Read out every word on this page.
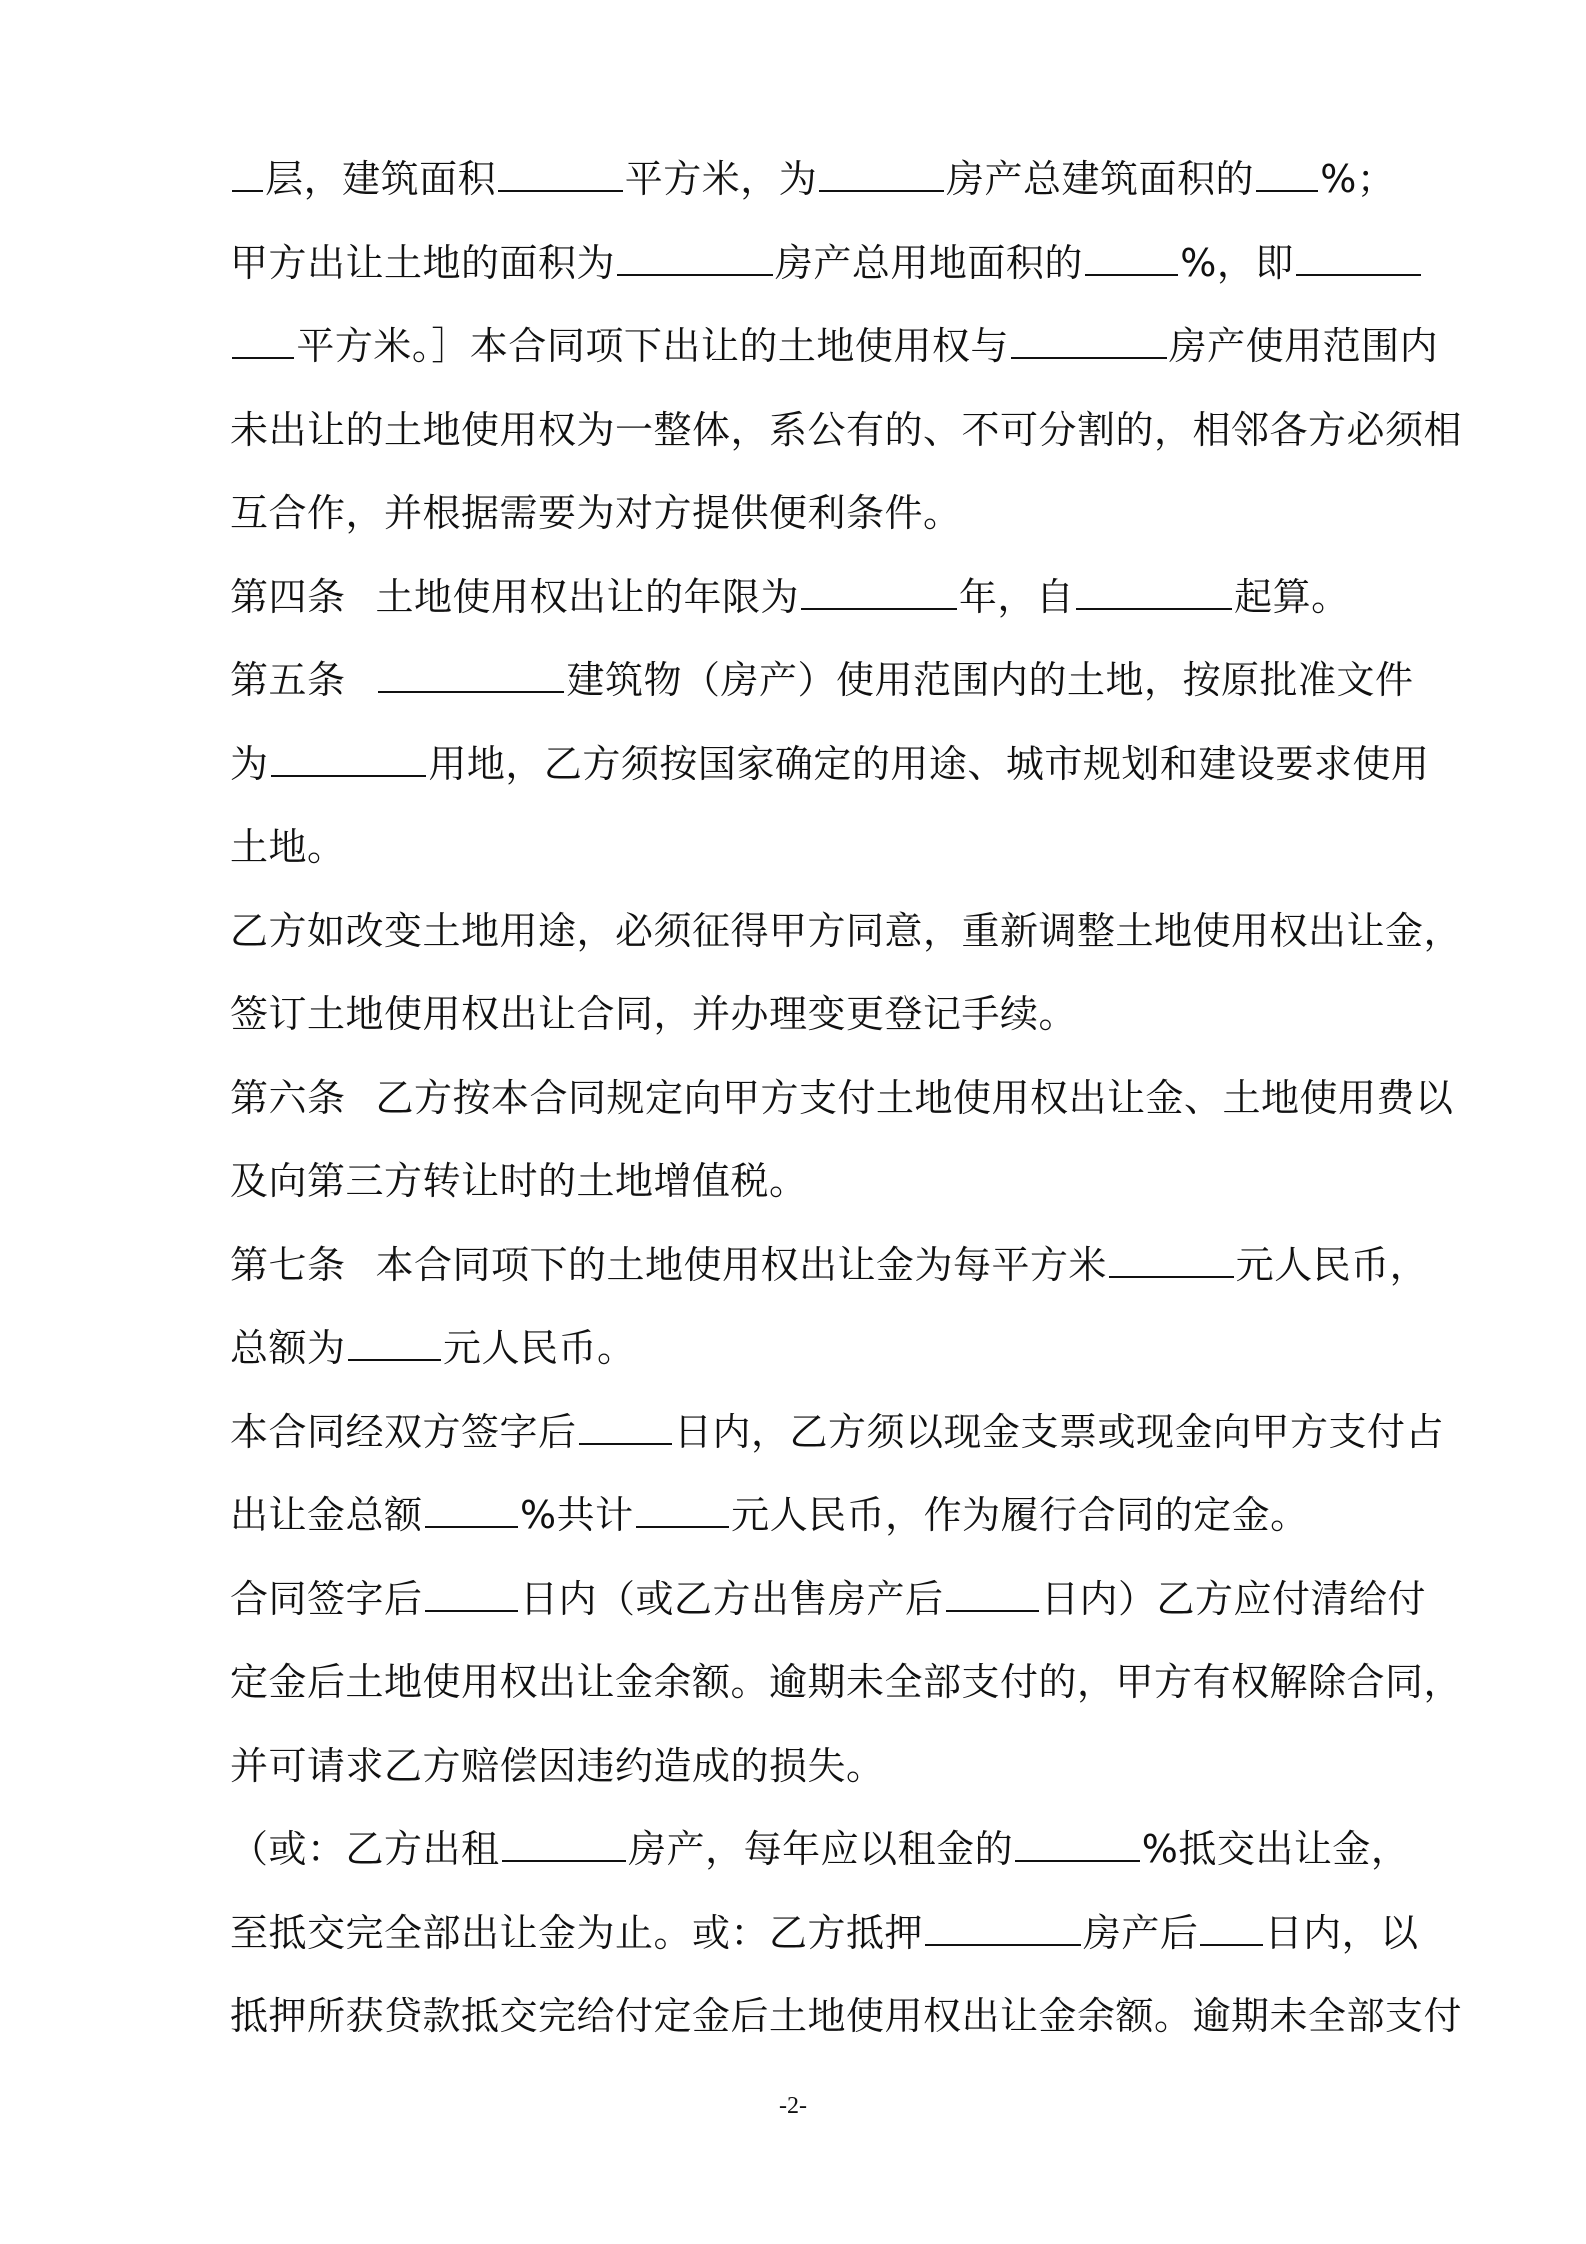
层，建筑面积	平方米，为	房产总建筑面积的 %；
甲方出让土地的面积为	房产总用地面积的	%，即
平方米。］本合同项下出让的土地使用权与	房产使用范围内
未出让的土地使用权为一整体，系公有的、不可分割的，相邻各方必须相
互合作，并根据需要为对方提供便利条件。
第四条 土地使用权出让的年限为	年，自	起算。
第五条	建筑物（房产）使用范围内的土地，按原批准文件
为	用地，乙方须按国家确定的用途、城市规划和建设要求使用
土地。
乙方如改变土地用途，必须征得甲方同意，重新调整土地使用权出让金，
签订土地使用权出让合同，并办理变更登记手续。
第六条 乙方按本合同规定向甲方支付土地使用权出让金、土地使用费以
及向第三方转让时的土地增值税。
第七条 本合同项下的土地使用权出让金为每平方米	元人民币，
总额为	元人民币。
本合同经双方签字后	日内，乙方须以现金支票或现金向甲方支付占
出让金总额	%共计	元人民币，作为履行合同的定金。
合同签字后	日内（或乙方出售房产后	日内）乙方应付清给付
定金后土地使用权出让金余额。逾期未全部支付的，甲方有权解除合同，
并可请求乙方赔偿因违约造成的损失。
（或：乙方出租	房产，每年应以租金的	%抵交出让金，
至抵交完全部出让金为止。或：乙方抵押	房产后 日内，以
抵押所获贷款抵交完给付定金后土地使用权出让金余额。逾期未全部支付
-2-
